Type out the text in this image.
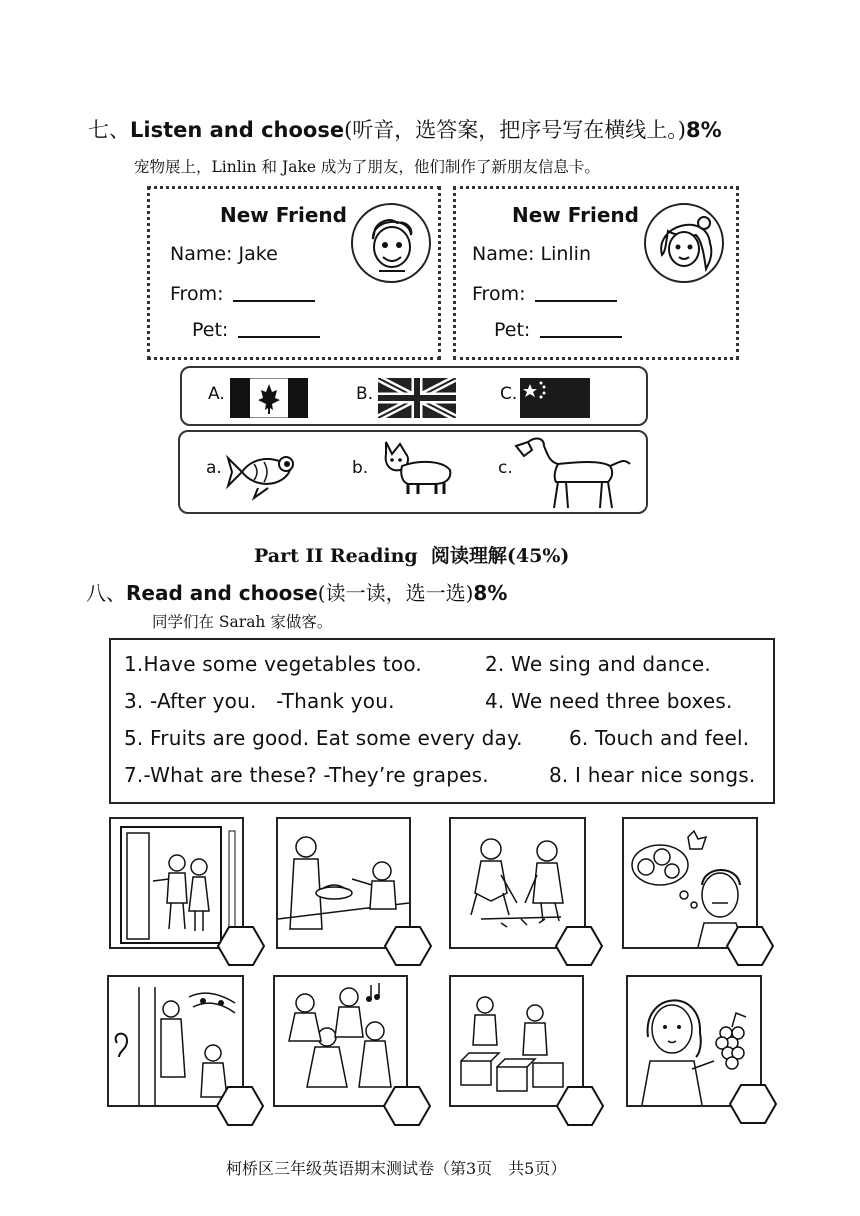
七、Listen and choose(听音，选答案，把序号写在横线上。)8%
宠物展上，Linlin 和 Jake 成为了朋友，他们制作了新朋友信息卡。
New Friend
Name: Jake
From:
Pet:
New Friend
Name: Linlin
From:
Pet:
A.	B.	C.
a.	b.	c.
Part II Reading 阅读理解(45%)
八、Read and choose(读一读，选一选)8%
同学们在 Sarah 家做客。
1.Have some vegetables too.	2. We sing and dance.
3. -After you.   -Thank you.	4. We need three boxes.
5. Fruits are good. Eat some every day. 6. Touch and feel.
7.-What are these? -They’re grapes.	8. I hear nice songs.
柯桥区三年级英语期末测试卷（第3页　共5页）
